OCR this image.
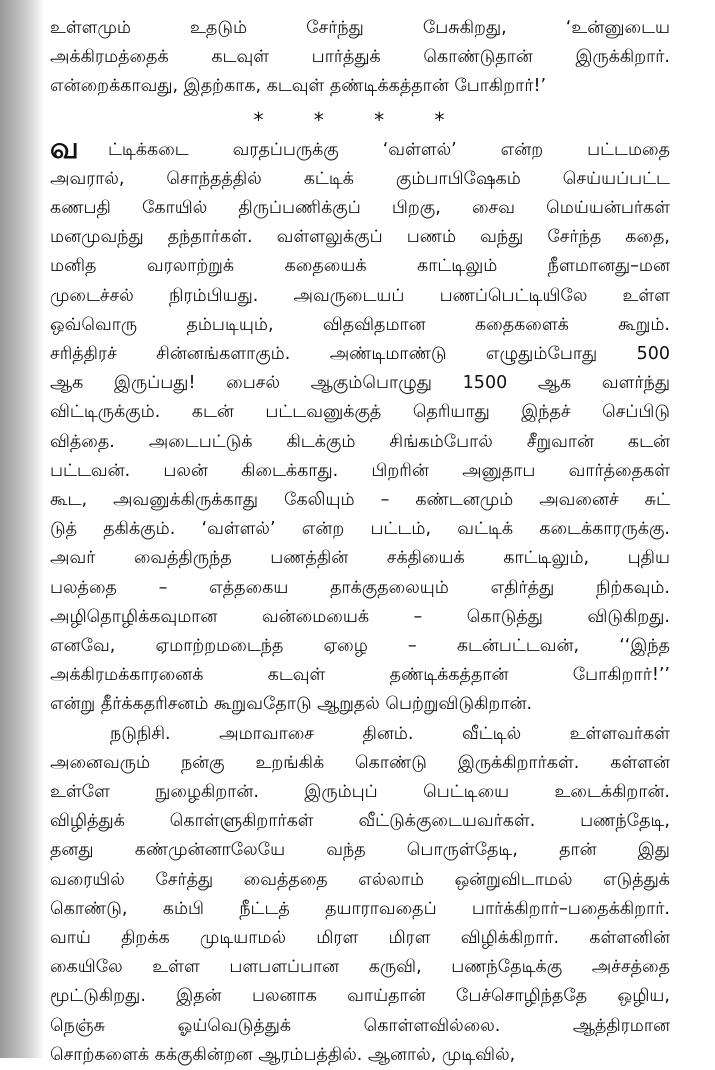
உள்ளமும் உதடும் சேர்ந்து பேசுகிறது, ‘உன்னுடைய
அக்கிரமத்தைக் கடவுள் பார்த்துக் கொண்டுதான் இருக்கிறார்.
என்றைக்காவது, இதற்காக, கடவுள் தண்டிக்கத்தான் போகிறார்!’
* * * *
வ ட்டிக்கடை வரதப்பருக்கு ‘வள்ளல்’ என்ற பட்டமதை
அவரால், சொந்தத்தில் கட்டிக் கும்பாபிஷேகம் செய்யப்பட்ட
கணபதி கோயில் திருப்பணிக்குப் பிறகு, சைவ மெய்யன்பர்கள்
மனமுவந்து தந்தார்கள். வள்ளலுக்குப் பணம் வந்து சேர்ந்த கதை,
மனித வரலாற்றுக் கதையைக் காட்டிலும் நீளமானது–மன
முடைச்சல் நிரம்பியது. அவருடையப் பணப்பெட்டியிலே உள்ள
ஒவ்வொரு தம்படியும், விதவிதமான கதைகளைக் கூறும்.
சரித்திரச் சின்னங்களாகும். அண்டிமாண்டு எழுதும்போது 500
ஆக இருப்பது! பைசல் ஆகும்பொழுது 1500 ஆக வளர்ந்து
விட்டிருக்கும். கடன் பட்டவனுக்குத் தெரியாது இந்தச் செப்பிடு
வித்தை. அடைபட்டுக் கிடக்கும் சிங்கம்போல் சீறுவான் கடன்
பட்டவன். பலன் கிடைக்காது. பிறரின் அனுதாப வார்த்தைகள்
கூட, அவனுக்கிருக்காது கேலியும் – கண்டனமும் அவனைச் சுட்
டுத் தகிக்கும். ‘வள்ளல்’ என்ற பட்டம், வட்டிக் கடைக்காரருக்கு.
அவர் வைத்திருந்த பணத்தின் சக்தியைக் காட்டிலும், புதிய
பலத்தை – எத்தகைய தாக்குதலையும் எதிர்த்து நிற்கவும்.
அழிதொழிக்கவுமான வன்மையைக் – கொடுத்து விடுகிறது.
எனவே, ஏமாற்றமடைந்த ஏழை – கடன்பட்டவன், ‘‘இந்த
அக்கிரமக்காரனைக் கடவுள் தண்டிக்கத்தான் போகிறார்!’’
என்று தீர்க்கதரிசனம் கூறுவதோடு ஆறுதல் பெற்றுவிடுகிறான்.
நடுநிசி. அமாவாசை தினம். வீட்டில் உள்ளவர்கள்
அனைவரும் நன்கு உறங்கிக் கொண்டு இருக்கிறார்கள். கள்ளன்
உள்ளே நுழைகிறான். இரும்புப் பெட்டியை உடைக்கிறான்.
விழித்துக் கொள்ளுகிறார்கள் வீட்டுக்குடையவர்கள். பணந்தேடி,
தனது கண்முன்னாலேயே வந்த பொருள்தேடி, தான் இது
வரையில் சேர்த்து வைத்ததை எல்லாம் ஒன்றுவிடாமல் எடுத்துக்
கொண்டு, கம்பி நீட்டத் தயாராவதைப் பார்க்கிறார்–பதைக்கிறார்.
வாய் திறக்க முடியாமல் மிரள மிரள விழிக்கிறார். கள்ளனின்
கையிலே உள்ள பளபளப்பான கருவி, பணந்தேடிக்கு அச்சத்தை
மூட்டுகிறது. இதன் பலனாக வாய்தான் பேச்சொழிந்ததே ஒழிய,
நெஞ்சு ஓய்வெடுத்துக் கொள்ளவில்லை. ஆத்திரமான
சொற்களைக் கக்குகின்றன ஆரம்பத்தில். ஆனால், முடிவில்,
